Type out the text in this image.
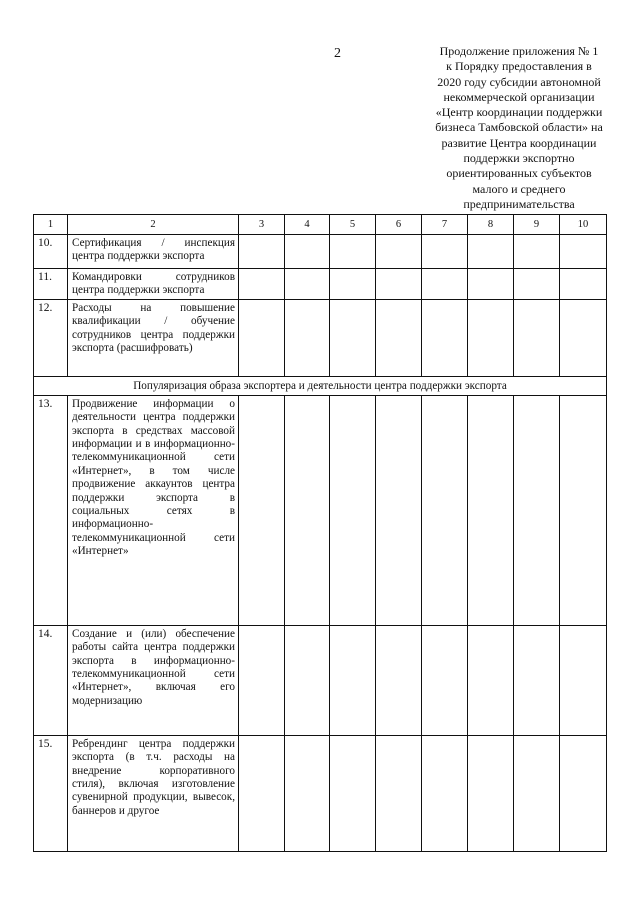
2	Продолжение приложения № 1
к Порядку предоставления в
2020 году субсидии автономной
некоммерческой организации
«Центр координации поддержки
бизнеса Тамбовской области» на
развитие Центра координации
поддержки экспортно
ориентированных субъектов
малого и среднего
предпринимательства
1	2	3	4	5	6	7	8	9	10
10.	Сертификация / инспекция центра поддержки экспорта								
11.	Командировки сотрудников центра поддержки экспорта								
12.	Расходы на повышение квалификации / обучение сотрудников центра поддержки экспорта (расшифровать)								
Популяризация образа экспортера и деятельности центра поддержки экспорта									
13.	Продвижение информации о деятельности центра поддержки экспорта в средствах массовой информации и в информационно-телекоммуникационной сети «Интернет», в том числе продвижение аккаунтов центра поддержки экспорта в социальных сетях в информационно-телекоммуникационной сети «Интернет»								
14.	Создание и (или) обеспечение работы сайта центра поддержки экспорта в информационно-телекоммуникационной сети «Интернет», включая его модернизацию								
15.	Ребрендинг центра поддержки экспорта (в т.ч. расходы на внедрение корпоративного стиля), включая изготовление сувенирной продукции, вывесок, баннеров и другое								
